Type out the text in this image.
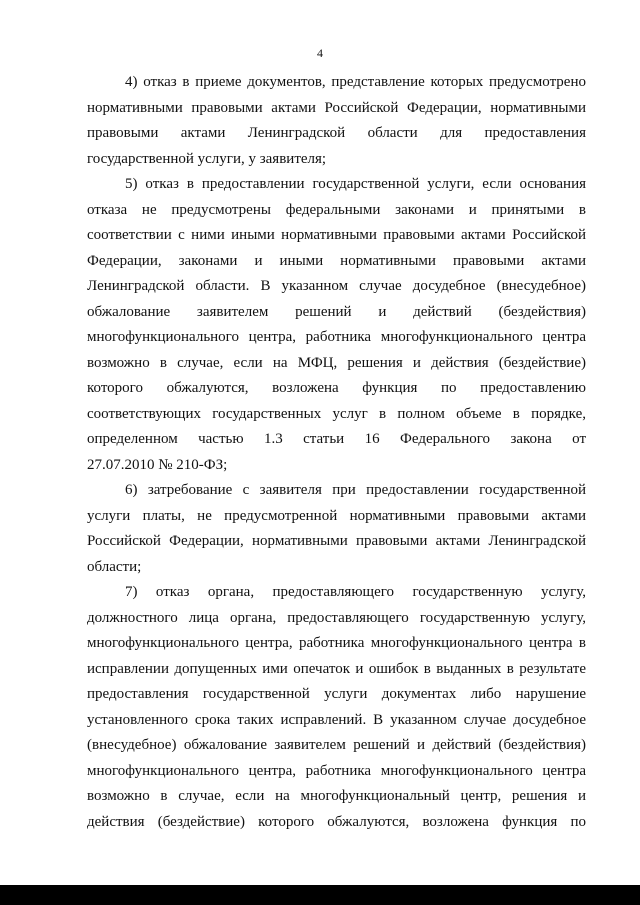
4
4) отказ в приеме документов, представление которых предусмотрено
нормативными правовыми актами Российской Федерации, нормативными
правовыми актами Ленинградской области для предоставления
государственной услуги, у заявителя;
5) отказ в предоставлении государственной услуги, если основания
отказа не предусмотрены федеральными законами и принятыми в
соответствии с ними иными нормативными правовыми актами Российской
Федерации, законами и иными нормативными правовыми актами
Ленинградской области. В указанном случае досудебное (внесудебное)
обжалование заявителем решений и действий (бездействия)
многофункционального центра, работника многофункционального центра
возможно в случае, если на МФЦ, решения и действия (бездействие)
которого обжалуются, возложена функция по предоставлению
соответствующих государственных услуг в полном объеме в порядке,
определенном частью 1.3 статьи 16 Федерального закона от
27.07.2010 № 210-ФЗ;
6) затребование с заявителя при предоставлении государственной
услуги платы, не предусмотренной нормативными правовыми актами
Российской Федерации, нормативными правовыми актами Ленинградской
области;
7) отказ органа, предоставляющего государственную услугу,
должностного лица органа, предоставляющего государственную услугу,
многофункционального центра, работника многофункционального центра в
исправлении допущенных ими опечаток и ошибок в выданных в результате
предоставления государственной услуги документах либо нарушение
установленного срока таких исправлений. В указанном случае досудебное
(внесудебное) обжалование заявителем решений и действий (бездействия)
многофункционального центра, работника многофункционального центра
возможно в случае, если на многофункциональный центр, решения и
действия (бездействие) которого обжалуются, возложена функция по
